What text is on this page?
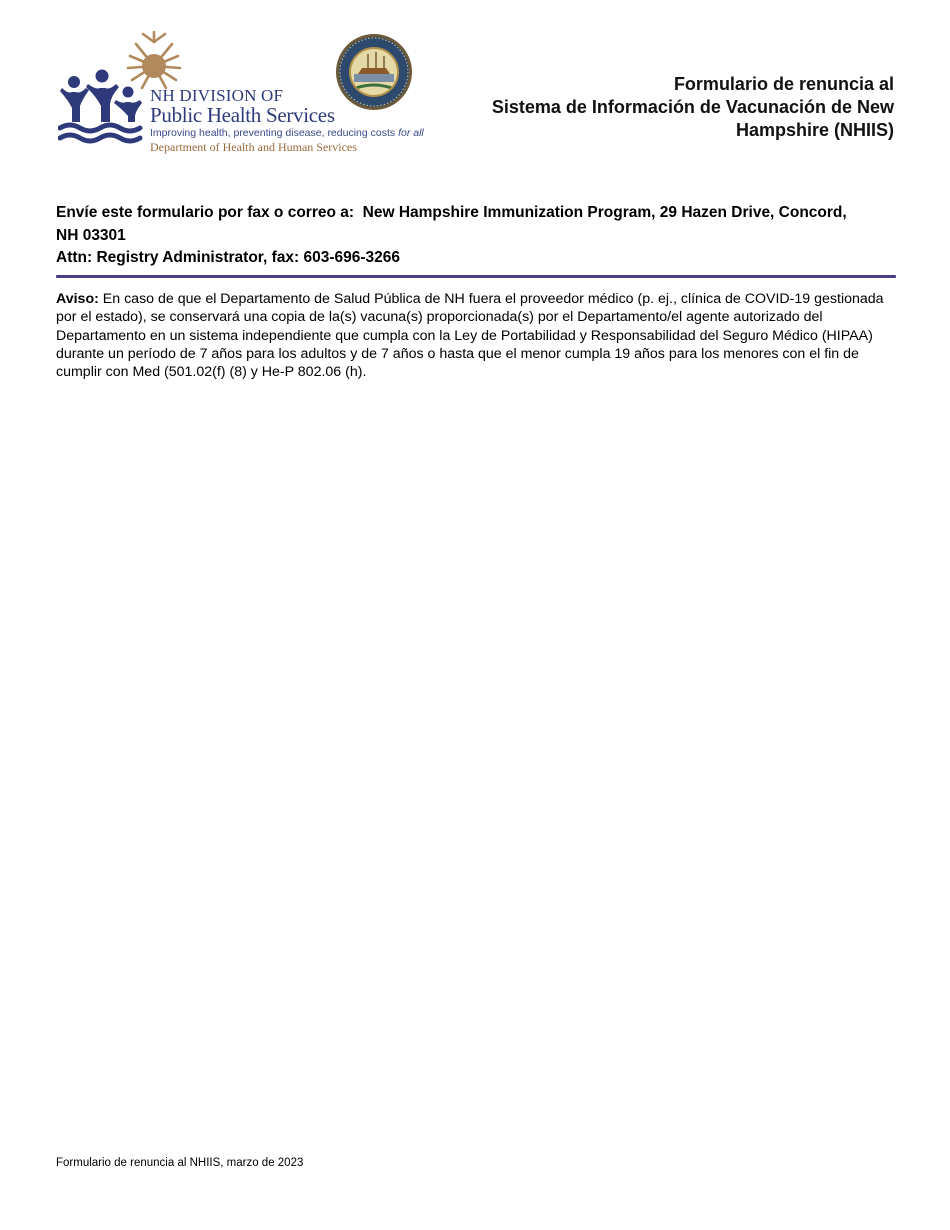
NH DIVISION OF
Public Health Services
Improving health, preventing disease, reducing costs for all
Department of Health and Human Services
Formulario de renuncia al
Sistema de Información de Vacunación de New
Hampshire (NHIIS)
Envíe este formulario por fax o correo a:  New Hampshire Immunization Program, 29 Hazen Drive, Concord,
NH 03301
Attn: Registry Administrator, fax: 603-696-3266
Aviso: En caso de que el Departamento de Salud Pública de NH fuera el proveedor médico (p. ej., clínica de COVID-19 gestionada por el estado), se conservará una copia de la(s) vacuna(s) proporcionada(s) por el Departamento/el agente autorizado del Departamento en un sistema independiente que cumpla con la Ley de Portabilidad y Responsabilidad del Seguro Médico (HIPAA) durante un período de 7 años para los adultos y de 7 años o hasta que el menor cumpla 19 años para los menores con el fin de cumplir con Med (501.02(f) (8) y He-P 802.06 (h).
Formulario de renuncia al NHIIS, marzo de 2023
